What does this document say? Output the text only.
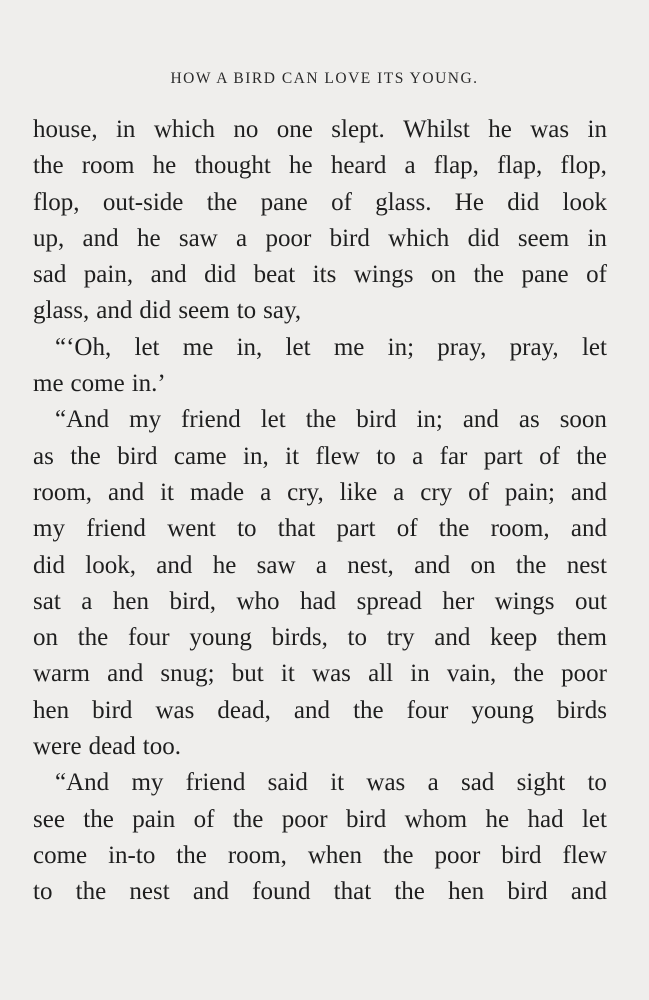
HOW A BIRD CAN LOVE ITS YOUNG.
house, in which no one slept. Whilst he was in
the room he thought he heard a flap, flap, flop,
flop, out-side the pane of glass. He did look
up, and he saw a poor bird which did seem in
sad pain, and did beat its wings on the pane of
glass, and did seem to say,
“‘Oh, let me in, let me in; pray, pray, let
me come in.’
“And my friend let the bird in; and as soon
as the bird came in, it flew to a far part of the
room, and it made a cry, like a cry of pain; and
my friend went to that part of the room, and
did look, and he saw a nest, and on the nest
sat a hen bird, who had spread her wings out
on the four young birds, to try and keep them
warm and snug; but it was all in vain, the poor
hen bird was dead, and the four young birds
were dead too.
“And my friend said it was a sad sight to
see the pain of the poor bird whom he had let
come in-to the room, when the poor bird flew
to the nest and found that the hen bird and
